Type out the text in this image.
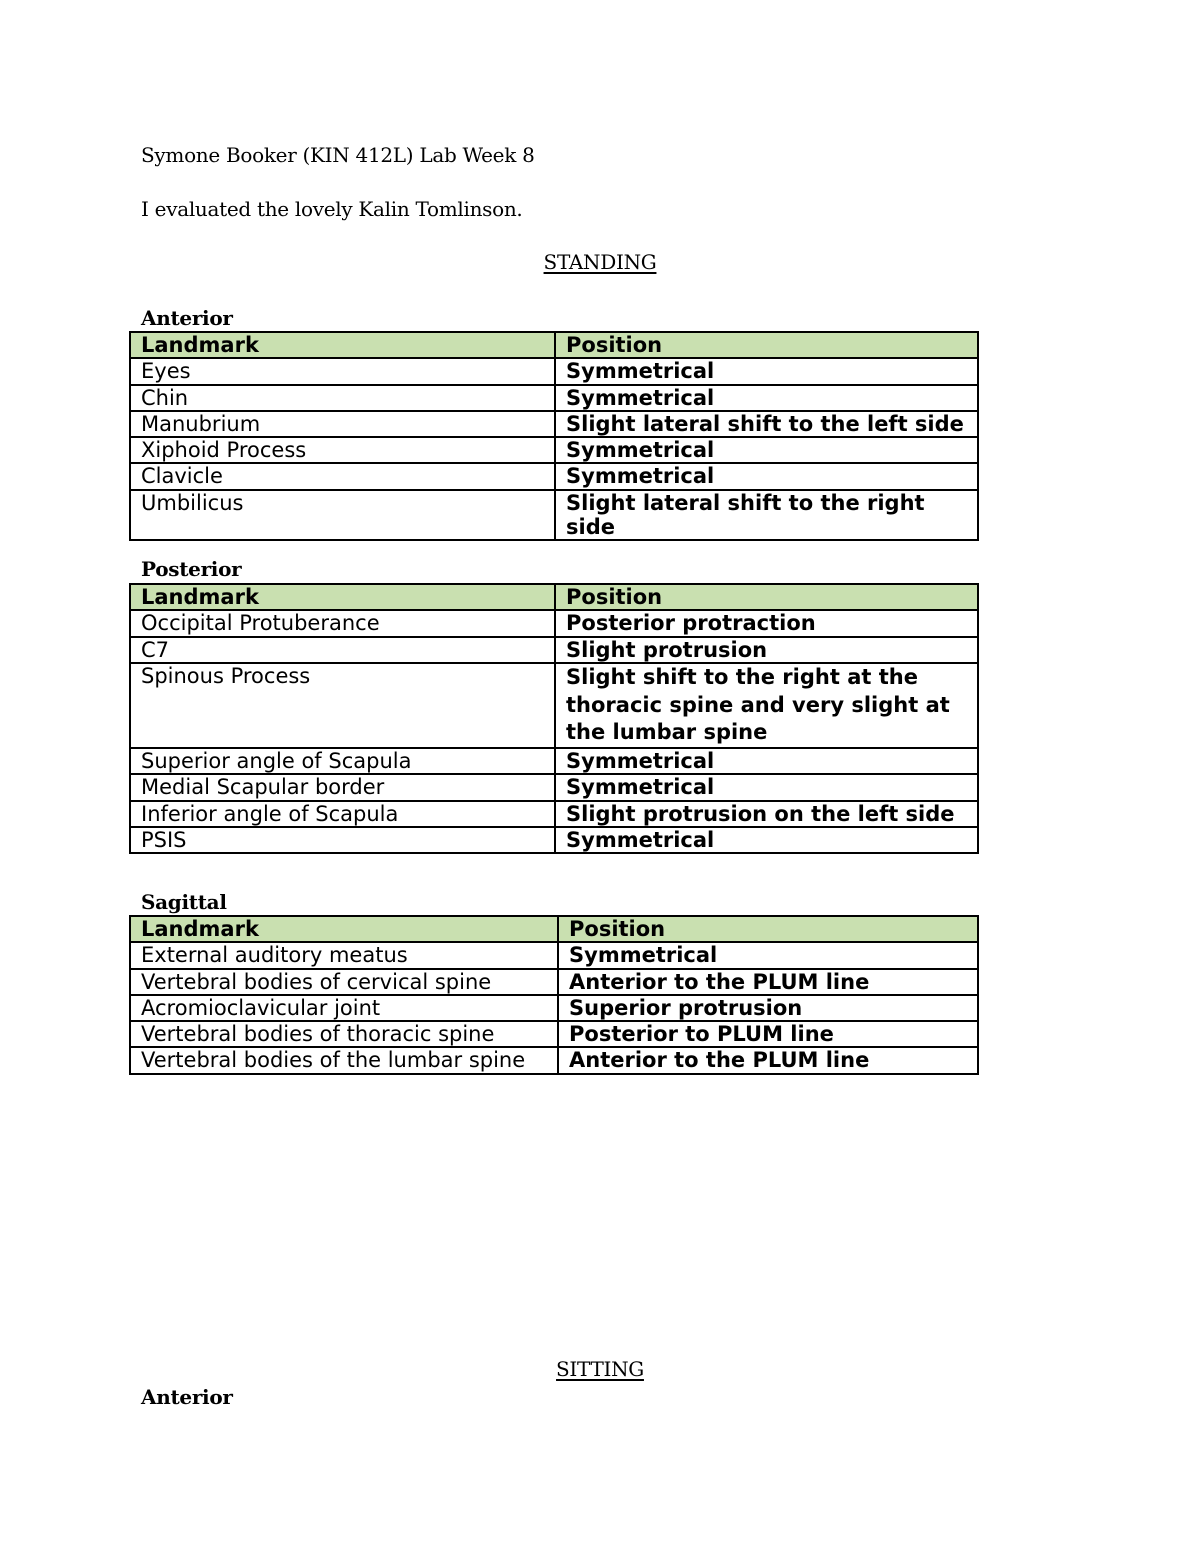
Symone Booker (KIN 412L) Lab Week 8
I evaluated the lovely Kalin Tomlinson.
STANDING
Anterior
Landmark	Position
Eyes	Symmetrical
Chin	Symmetrical
Manubrium	Slight lateral shift to the left side
Xiphoid Process	Symmetrical
Clavicle	Symmetrical
Umbilicus	Slight lateral shift to the right side
Posterior
Landmark	Position
Occipital Protuberance	Posterior protraction
C7	Slight protrusion
Spinous Process	Slight shift to the right at the thoracic spine and very slight at the lumbar spine
Superior angle of Scapula	Symmetrical
Medial Scapular border	Symmetrical
Inferior angle of Scapula	Slight protrusion on the left side
PSIS	Symmetrical
Sagittal
Landmark	Position
External auditory meatus	Symmetrical
Vertebral bodies of cervical spine	Anterior to the PLUM line
Acromioclavicular joint	Superior protrusion
Vertebral bodies of thoracic spine	Posterior to PLUM line
Vertebral bodies of the lumbar spine	Anterior to the PLUM line
SITTING
Anterior
